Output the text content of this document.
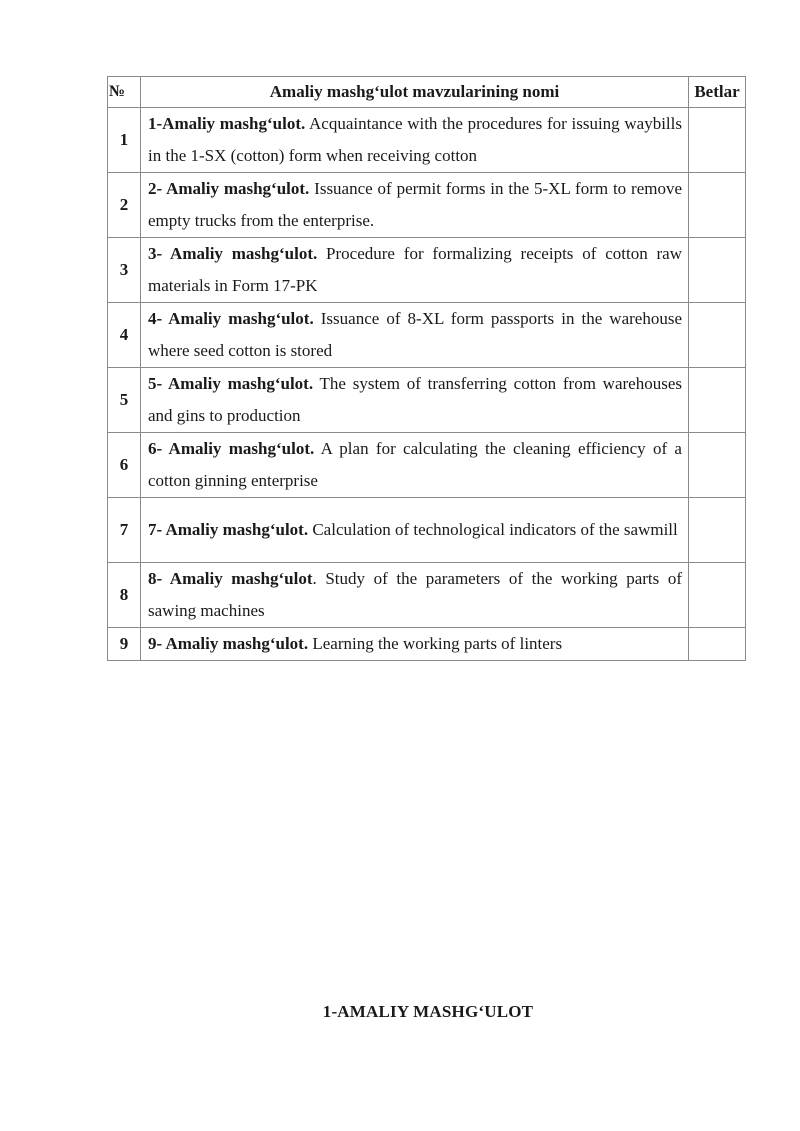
№	Amaliy mashg‘ulot mavzularining nomi	Betlar
1	1-Amaliy mashg‘ulot. Acquaintance with the procedures for issuing waybills in the 1-SX (cotton) form when receiving cotton	
2	2- Amaliy mashg‘ulot. Issuance of permit forms in the 5-XL form to remove empty trucks from the enterprise.	
3	3- Amaliy mashg‘ulot. Procedure for formalizing receipts of cotton raw materials in Form 17-PK	
4	4- Amaliy mashg‘ulot. Issuance of 8-XL form passports in the warehouse where seed cotton is stored	
5	5- Amaliy mashg‘ulot. The system of transferring cotton from warehouses and gins to production	
6	6- Amaliy mashg‘ulot. A plan for calculating the cleaning efficiency of a cotton ginning enterprise	
7	7- Amaliy mashg‘ulot. Calculation of technological indicators of the sawmill	
8	8- Amaliy mashg‘ulot. Study of the parameters of the working parts of sawing machines	
9	9- Amaliy mashg‘ulot. Learning the working parts of linters	
1-AMALIY MASHG‘ULOT
